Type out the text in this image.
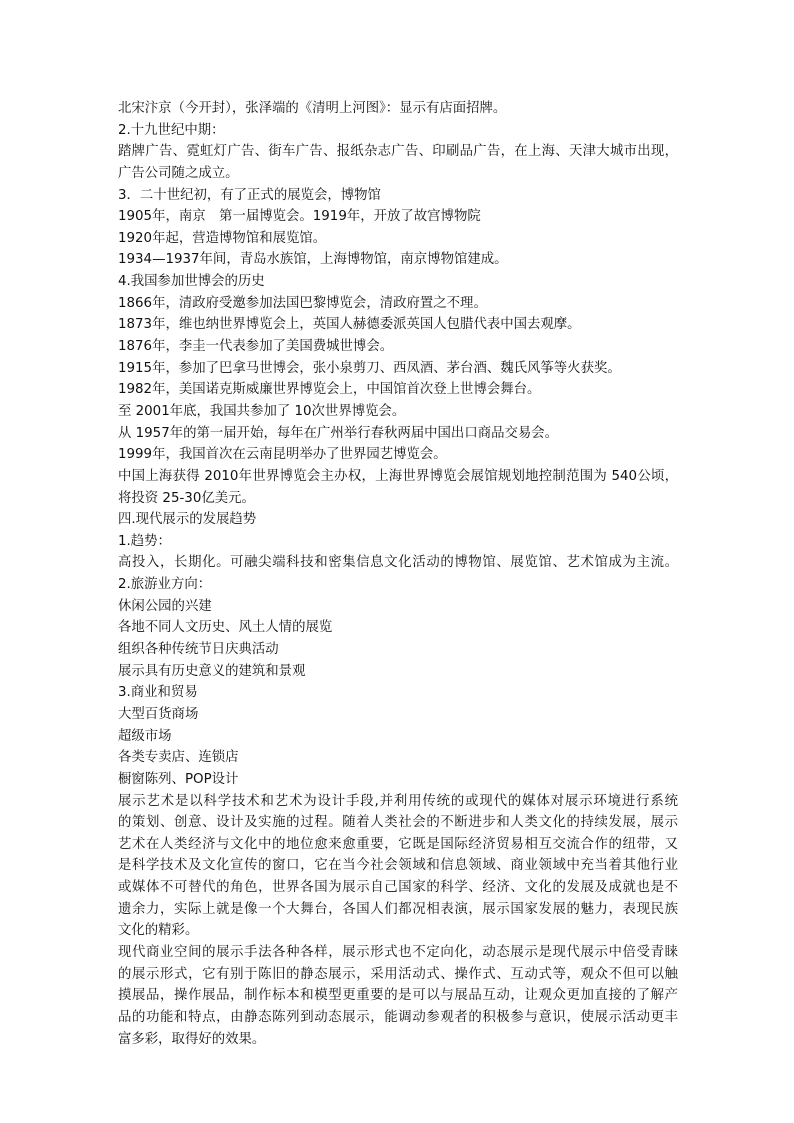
北宋汴京（今开封），张泽端的《清明上河图》：显示有店面招牌。
2.十九世纪中期：
踏牌广告、霓虹灯广告、街车广告、报纸杂志广告、印刷品广告，在上海、天津大城市出现，
广告公司随之成立。
3．二十世纪初，有了正式的展览会，博物馆
1905年，南京　第一届博览会。1919年，开放了故宫博物院
1920年起，营造博物馆和展览馆。
1934—1937年间，青岛水族馆，上海博物馆，南京博物馆建成。
4.我国参加世博会的历史
1866年，清政府受邀参加法国巴黎博览会，清政府置之不理。
1873年，维也纳世界博览会上，英国人赫德委派英国人包腊代表中国去观摩。
1876年，李圭一代表参加了美国费城世博会。
1915年，参加了巴拿马世博会，张小泉剪刀、西凤酒、茅台酒、魏氏风筝等火获奖。
1982年，美国诺克斯威廉世界博览会上，中国馆首次登上世博会舞台。
至 2001年底，我国共参加了 10次世界博览会。
从 1957年的第一届开始，每年在广州举行春秋两届中国出口商品交易会。
1999年，我国首次在云南昆明举办了世界园艺博览会。
中国上海获得 2010年世界博览会主办权，上海世界博览会展馆规划地控制范围为 540公顷，
将投资 25-30亿美元。
四.现代展示的发展趋势
1.趋势：
高投入，长期化。可融尖端科技和密集信息文化活动的博物馆、展览馆、艺术馆成为主流。
2.旅游业方向：
休闲公园的兴建
各地不同人文历史、风土人情的展览
组织各种传统节日庆典活动
展示具有历史意义的建筑和景观
3.商业和贸易
大型百货商场
超级市场
各类专卖店、连锁店
橱窗陈列、POP设计
展示艺术是以科学技术和艺术为设计手段,并利用传统的或现代的媒体对展示环境进行系统
的策划、创意、设计及实施的过程。随着人类社会的不断进步和人类文化的持续发展，展示
艺术在人类经济与文化中的地位愈来愈重要，它既是国际经济贸易相互交流合作的纽带，又
是科学技术及文化宣传的窗口，它在当今社会领域和信息领域、商业领域中充当着其他行业
或媒体不可替代的角色，世界各国为展示自己国家的科学、经济、文化的发展及成就也是不
遗余力，实际上就是像一个大舞台，各国人们都况相表演，展示国家发展的魅力，表现民族
文化的精彩。
现代商业空间的展示手法各种各样，展示形式也不定向化，动态展示是现代展示中倍受青睐
的展示形式，它有别于陈旧的静态展示，采用活动式、操作式、互动式等，观众不但可以触
摸展品，操作展品，制作标本和模型更重要的是可以与展品互动，让观众更加直接的了解产
品的功能和特点，由静态陈列到动态展示，能调动参观者的积极参与意识，使展示活动更丰
富多彩，取得好的效果。
